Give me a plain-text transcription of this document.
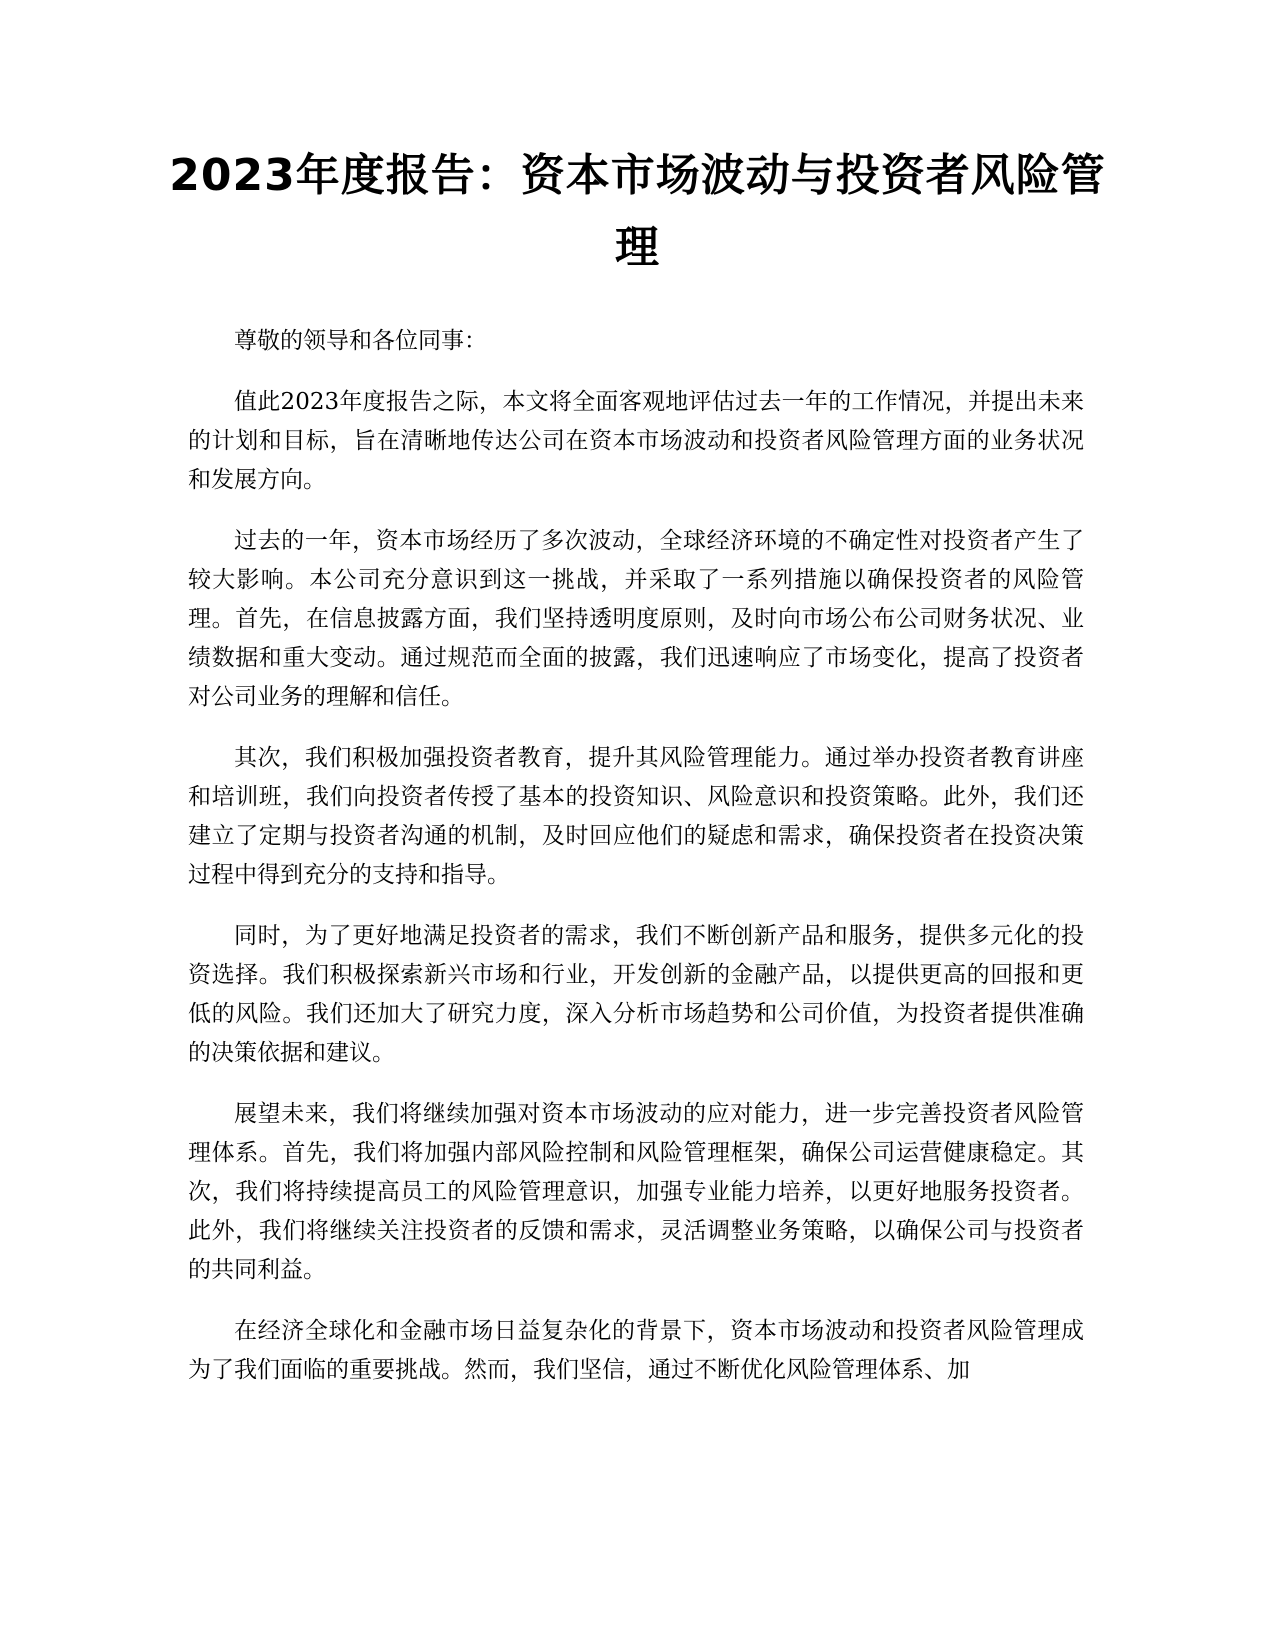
2023年度报告：资本市场波动与投资者风险管理

尊敬的领导和各位同事：

值此2023年度报告之际，本文将全面客观地评估过去一年的工作情况，并提出未来的计划和目标，旨在清晰地传达公司在资本市场波动和投资者风险管理方面的业务状况和发展方向。

过去的一年，资本市场经历了多次波动，全球经济环境的不确定性对投资者产生了较大影响。本公司充分意识到这一挑战，并采取了一系列措施以确保投资者的风险管理。首先，在信息披露方面，我们坚持透明度原则，及时向市场公布公司财务状况、业绩数据和重大变动。通过规范而全面的披露，我们迅速响应了市场变化，提高了投资者对公司业务的理解和信任。

其次，我们积极加强投资者教育，提升其风险管理能力。通过举办投资者教育讲座和培训班，我们向投资者传授了基本的投资知识、风险意识和投资策略。此外，我们还建立了定期与投资者沟通的机制，及时回应他们的疑虑和需求，确保投资者在投资决策过程中得到充分的支持和指导。

同时，为了更好地满足投资者的需求，我们不断创新产品和服务，提供多元化的投资选择。我们积极探索新兴市场和行业，开发创新的金融产品，以提供更高的回报和更低的风险。我们还加大了研究力度，深入分析市场趋势和公司价值，为投资者提供准确的决策依据和建议。

展望未来，我们将继续加强对资本市场波动的应对能力，进一步完善投资者风险管理体系。首先，我们将加强内部风险控制和风险管理框架，确保公司运营健康稳定。其次，我们将持续提高员工的风险管理意识，加强专业能力培养，以更好地服务投资者。此外，我们将继续关注投资者的反馈和需求，灵活调整业务策略，以确保公司与投资者的共同利益。

在经济全球化和金融市场日益复杂化的背景下，资本市场波动和投资者风险管理成为了我们面临的重要挑战。然而，我们坚信，通过不断优化风险管理体系、加
